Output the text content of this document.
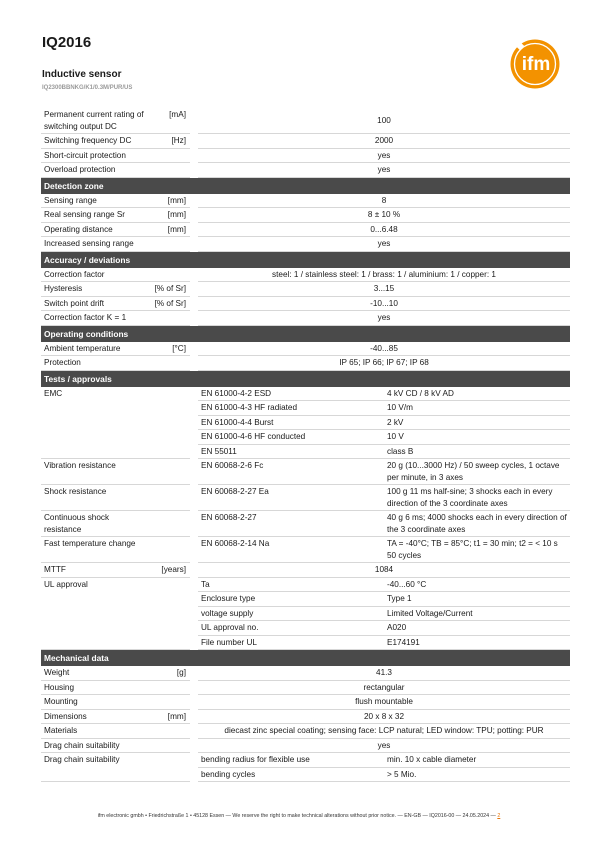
IQ2016

Inductive sensor

IQ2300BBNKG/K1/0.3M/PUR/US

ifm
Permanent current rating of switching output DC	[mA]		100	
Switching frequency DC	[Hz]		2000	
Short-circuit protection			yes	
Overload protection			yes	
Detection zone				
Sensing range	[mm]		8	
Real sensing range Sr	[mm]		8 ± 10 %	
Operating distance	[mm]		0...6.48	
Increased sensing range			yes	
Accuracy / deviations				
Correction factor			steel: 1 / stainless steel: 1 / brass: 1 / aluminium: 1 / copper: 1	
Hysteresis	[% of Sr]		3...15	
Switch point drift	[% of Sr]		-10...10	
Correction factor K = 1			yes	
Operating conditions				
Ambient temperature	[°C]		-40...85	
Protection			IP 65; IP 66; IP 67; IP 68	
Tests / approvals				
EMC			EN 61000-4-2 ESD	4 kV CD / 8 kV AD
			EN 61000-4-3 HF radiated	10 V/m
			EN 61000-4-4 Burst	2 kV
			EN 61000-4-6 HF conducted	10 V
			EN 55011	class B
Vibration resistance			EN 60068-2-6 Fc	20 g (10...3000 Hz) / 50 sweep cycles, 1 octave per minute, in 3 axes
Shock resistance			EN 60068-2-27 Ea	100 g 11 ms half-sine; 3 shocks each in every direction of the 3 coordinate axes
Continuous shock resistance			EN 60068-2-27	40 g 6 ms; 4000 shocks each in every direction of the 3 coordinate axes
Fast temperature change			EN 60068-2-14 Na	TA = -40°C; TB = 85°C; t1 = 30 min; t2 = < 10 s 50 cycles
MTTF	[years]		1084	
UL approval			Ta	-40...60 °C
			Enclosure type	Type 1
			voltage supply	Limited Voltage/Current
			UL approval no.	A020
			File number UL	E174191
Mechanical data				
Weight	[g]		41.3	
Housing			rectangular	
Mounting			flush mountable	
Dimensions	[mm]		20 x 8 x 32	
Materials			diecast zinc special coating; sensing face: LCP natural; LED window: TPU; potting: PUR	
Drag chain suitability			yes	
Drag chain suitability			bending radius for flexible use	min. 10 x cable diameter
			bending cycles	> 5 Mio.
ifm electronic gmbh • Friedrichstraße 1 • 45128 Essen — We reserve the right to make technical alterations without prior notice. — EN-GB — IQ2016-00 — 24.05.2024 — 2
